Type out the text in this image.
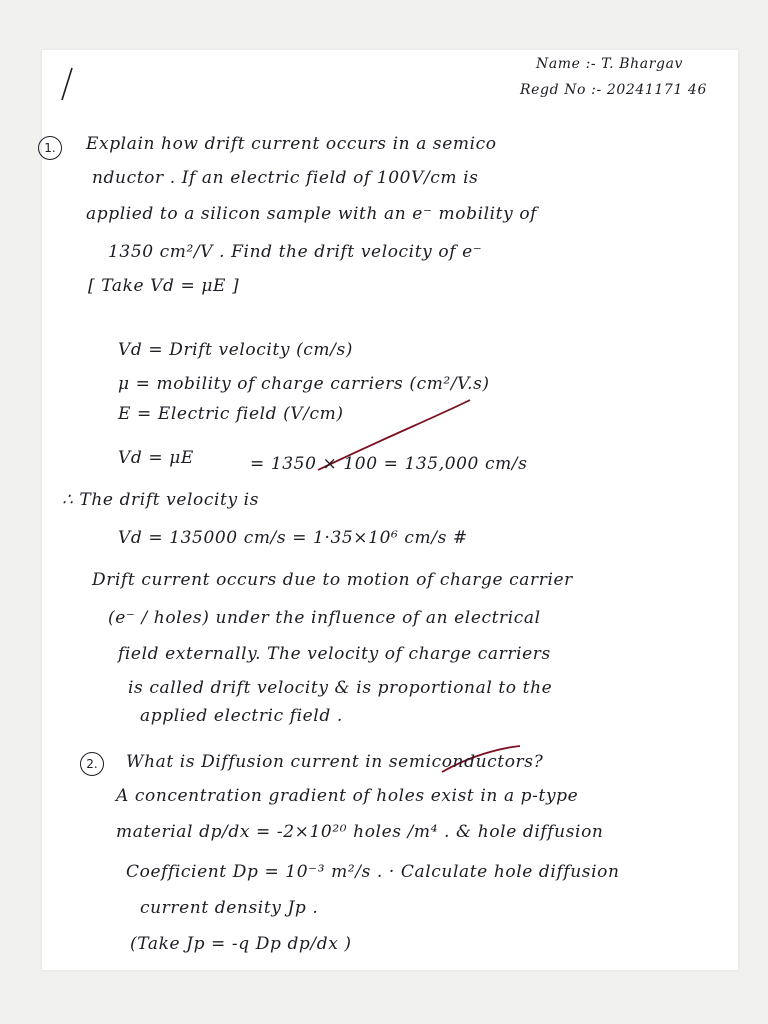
Name :- T. Bhargav
Regd No :- 20241171 46
1.	Explain how drift current occurs in a semico
nductor . If an electric field of 100V/cm is
applied to a silicon sample with an e⁻ mobility of
1350 cm²/V . Find the drift velocity of e⁻
[ Take Vd = μE ]
Vd = Drift velocity (cm/s)
μ = mobility of charge carriers (cm²/V.s)
E = Electric field (V/cm)
Vd = μE	= 1350 × 100 = 135,000 cm/s
∴ The drift velocity is
Vd = 135000 cm/s = 1·35×10⁶ cm/s #
Drift current occurs due to motion of charge carrier
(e⁻ / holes) under the influence of an electrical
field externally. The velocity of charge carriers
is called drift velocity & is proportional to the
applied electric field .
2.	What is Diffusion current in semiconductors?
A concentration gradient of holes exist in a p-type
material dp/dx = -2×10²⁰ holes /m⁴ . & hole diffusion
Coefficient Dp = 10⁻³ m²/s . · Calculate hole diffusion
current density Jp .
(Take Jp = -q Dp dp/dx )
